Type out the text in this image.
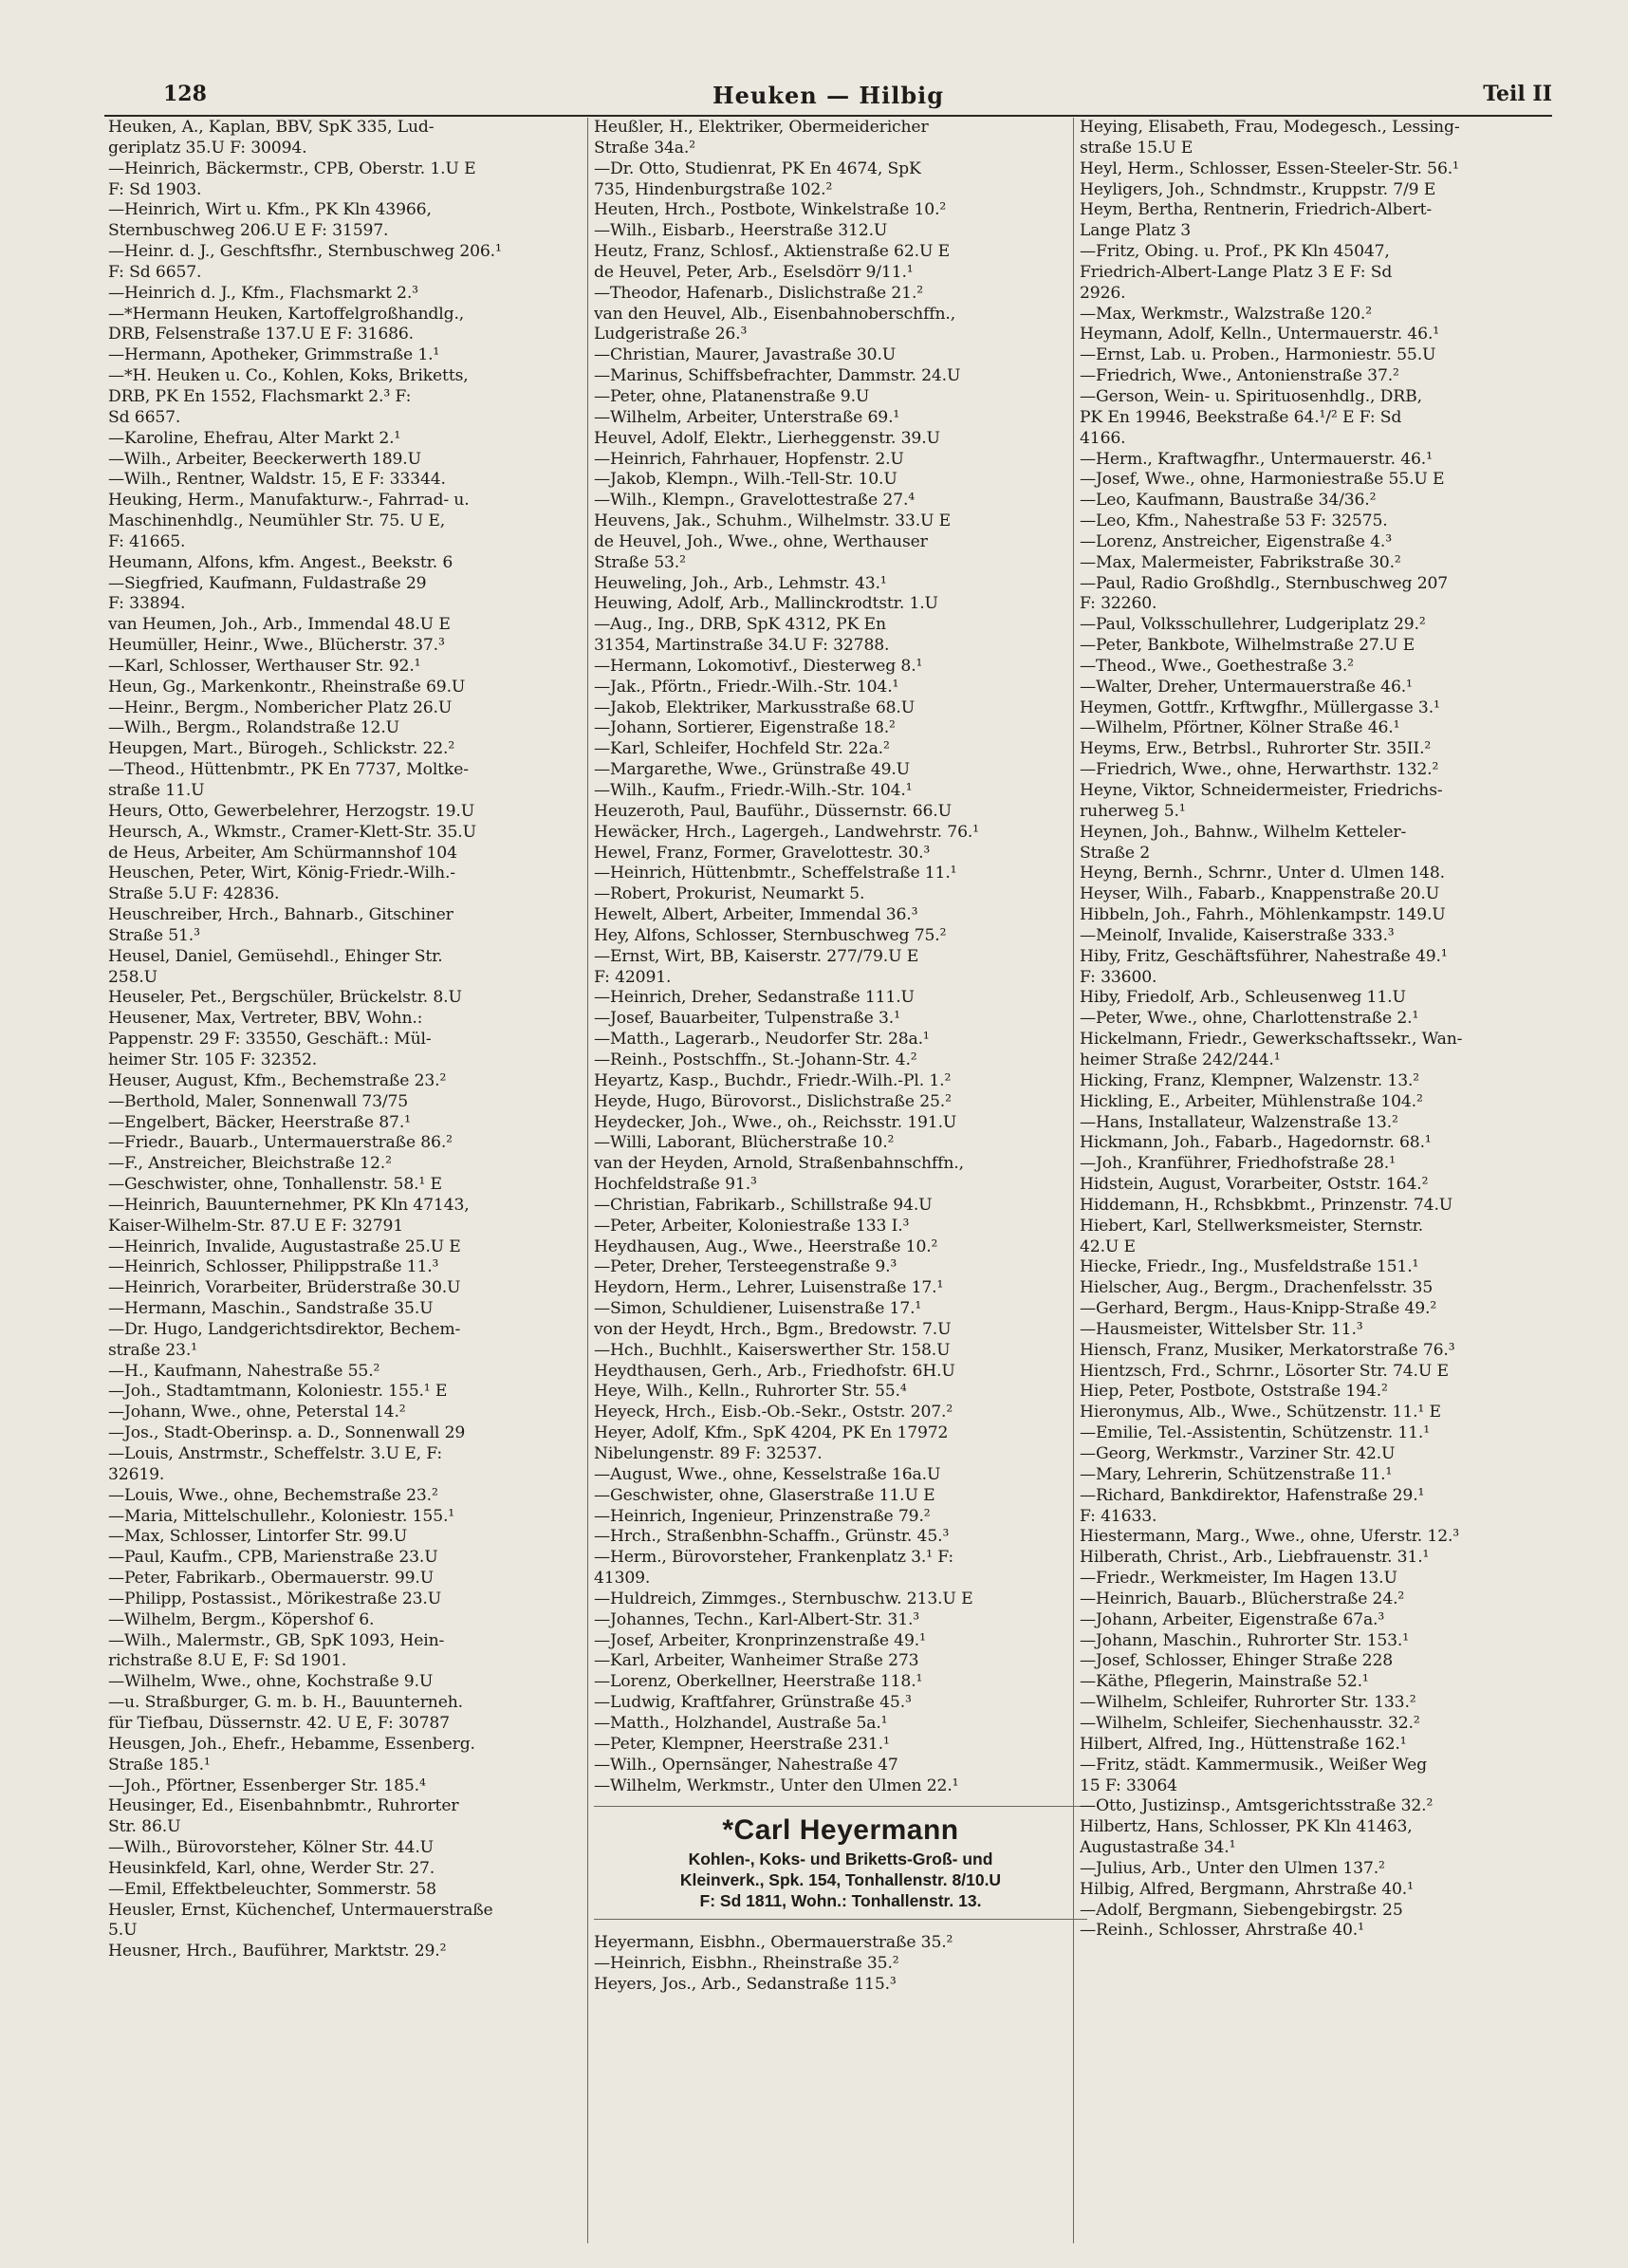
128	Heuken — Hilbig	Teil II
Heuken, A., Kaplan, BBV, SpK 335, Lud-
geriplatz 35.U F: 30094.
—Heinrich, Bäckermstr., CPB, Oberstr. 1.U E
F: Sd 1903.
—Heinrich, Wirt u. Kfm., PK Kln 43966,
Sternbuschweg 206.U E F: 31597.
—Heinr. d. J., Geschftsfhr., Sternbuschweg 206.¹
F: Sd 6657.
—Heinrich d. J., Kfm., Flachsmarkt 2.³
—*Hermann Heuken, Kartoffelgroßhandlg.,
DRB, Felsenstraße 137.U E F: 31686.
—Hermann, Apotheker, Grimmstraße 1.¹
—*H. Heuken u. Co., Kohlen, Koks, Briketts,
DRB, PK En 1552, Flachsmarkt 2.³ F:
Sd 6657.
—Karoline, Ehefrau, Alter Markt 2.¹
—Wilh., Arbeiter, Beeckerwerth 189.U
—Wilh., Rentner, Waldstr. 15, E F: 33344.
Heuking, Herm., Manufakturw.-, Fahrrad- u.
Maschinenhdlg., Neumühler Str. 75. U E,
F: 41665.
Heumann, Alfons, kfm. Angest., Beekstr. 6
—Siegfried, Kaufmann, Fuldastraße 29
F: 33894.
van Heumen, Joh., Arb., Immendal 48.U E
Heumüller, Heinr., Wwe., Blücherstr. 37.³
—Karl, Schlosser, Werthauser Str. 92.¹
Heun, Gg., Markenkontr., Rheinstraße 69.U
—Heinr., Bergm., Nombericher Platz 26.U
—Wilh., Bergm., Rolandstraße 12.U
Heupgen, Mart., Bürogeh., Schlickstr. 22.²
—Theod., Hüttenbmtr., PK En 7737, Moltke-
straße 11.U
Heurs, Otto, Gewerbelehrer, Herzogstr. 19.U
Heursch, A., Wkmstr., Cramer-Klett-Str. 35.U
de Heus, Arbeiter, Am Schürmannshof 104
Heuschen, Peter, Wirt, König-Friedr.-Wilh.-
Straße 5.U F: 42836.
Heuschreiber, Hrch., Bahnarb., Gitschiner
Straße 51.³
Heusel, Daniel, Gemüsehdl., Ehinger Str.
258.U
Heuseler, Pet., Bergschüler, Brückelstr. 8.U
Heusener, Max, Vertreter, BBV, Wohn.:
Pappenstr. 29 F: 33550, Geschäft.: Mül-
heimer Str. 105 F: 32352.
Heuser, August, Kfm., Bechemstraße 23.²
—Berthold, Maler, Sonnenwall 73/75
—Engelbert, Bäcker, Heerstraße 87.¹
—Friedr., Bauarb., Untermauerstraße 86.²
—F., Anstreicher, Bleichstraße 12.²
—Geschwister, ohne, Tonhallenstr. 58.¹ E
—Heinrich, Bauunternehmer, PK Kln 47143,
Kaiser-Wilhelm-Str. 87.U E F: 32791
—Heinrich, Invalide, Augustastraße 25.U E
—Heinrich, Schlosser, Philippstraße 11.³
—Heinrich, Vorarbeiter, Brüderstraße 30.U
—Hermann, Maschin., Sandstraße 35.U
—Dr. Hugo, Landgerichtsdirektor, Bechem-
straße 23.¹
—H., Kaufmann, Nahestraße 55.²
—Joh., Stadtamtmann, Koloniestr. 155.¹ E
—Johann, Wwe., ohne, Peterstal 14.²
—Jos., Stadt-Oberinsp. a. D., Sonnenwall 29
—Louis, Anstrmstr., Scheffelstr. 3.U E, F:
32619.
—Louis, Wwe., ohne, Bechemstraße 23.²
—Maria, Mittelschullehr., Koloniestr. 155.¹
—Max, Schlosser, Lintorfer Str. 99.U
—Paul, Kaufm., CPB, Marienstraße 23.U
—Peter, Fabrikarb., Obermauerstr. 99.U
—Philipp, Postassist., Mörikestraße 23.U
—Wilhelm, Bergm., Köpershof 6.
—Wilh., Malermstr., GB, SpK 1093, Hein-
richstraße 8.U E, F: Sd 1901.
—Wilhelm, Wwe., ohne, Kochstraße 9.U
—u. Straßburger, G. m. b. H., Bauunterneh.
für Tiefbau, Düssernstr. 42. U E, F: 30787
Heusgen, Joh., Ehefr., Hebamme, Essenberg.
Straße 185.¹
—Joh., Pförtner, Essenberger Str. 185.⁴
Heusinger, Ed., Eisenbahnbmtr., Ruhrorter
Str. 86.U
—Wilh., Bürovorsteher, Kölner Str. 44.U
Heusinkfeld, Karl, ohne, Werder Str. 27.
—Emil, Effektbeleuchter, Sommerstr. 58
Heusler, Ernst, Küchenchef, Untermauerstraße
5.U
Heusner, Hrch., Bauführer, Marktstr. 29.²
Heußler, H., Elektriker, Obermeidericher
Straße 34a.²
—Dr. Otto, Studienrat, PK En 4674, SpK
735, Hindenburgstraße 102.²
Heuten, Hrch., Postbote, Winkelstraße 10.²
—Wilh., Eisbarb., Heerstraße 312.U
Heutz, Franz, Schlosf., Aktienstraße 62.U E
de Heuvel, Peter, Arb., Eselsdörr 9/11.¹
—Theodor, Hafenarb., Dislichstraße 21.²
van den Heuvel, Alb., Eisenbahnoberschffn.,
Ludgeristraße 26.³
—Christian, Maurer, Javastraße 30.U
—Marinus, Schiffsbefrachter, Dammstr. 24.U
—Peter, ohne, Platanenstraße 9.U
—Wilhelm, Arbeiter, Unterstraße 69.¹
Heuvel, Adolf, Elektr., Lierheggenstr. 39.U
—Heinrich, Fahrhauer, Hopfenstr. 2.U
—Jakob, Klempn., Wilh.-Tell-Str. 10.U
—Wilh., Klempn., Gravelottestraße 27.⁴
Heuvens, Jak., Schuhm., Wilhelmstr. 33.U E
de Heuvel, Joh., Wwe., ohne, Werthauser
Straße 53.²
Heuweling, Joh., Arb., Lehmstr. 43.¹
Heuwing, Adolf, Arb., Mallinckrodtstr. 1.U
—Aug., Ing., DRB, SpK 4312, PK En
31354, Martinstraße 34.U F: 32788.
—Hermann, Lokomotivf., Diesterweg 8.¹
—Jak., Pförtn., Friedr.-Wilh.-Str. 104.¹
—Jakob, Elektriker, Markusstraße 68.U
—Johann, Sortierer, Eigenstraße 18.²
—Karl, Schleifer, Hochfeld Str. 22a.²
—Margarethe, Wwe., Grünstraße 49.U
—Wilh., Kaufm., Friedr.-Wilh.-Str. 104.¹
Heuzeroth, Paul, Bauführ., Düssernstr. 66.U
Hewäcker, Hrch., Lagergeh., Landwehrstr. 76.¹
Hewel, Franz, Former, Gravelottestr. 30.³
—Heinrich, Hüttenbmtr., Scheffelstraße 11.¹
—Robert, Prokurist, Neumarkt 5.
Hewelt, Albert, Arbeiter, Immendal 36.³
Hey, Alfons, Schlosser, Sternbuschweg 75.²
—Ernst, Wirt, BB, Kaiserstr. 277/79.U E
F: 42091.
—Heinrich, Dreher, Sedanstraße 111.U
—Josef, Bauarbeiter, Tulpenstraße 3.¹
—Matth., Lagerarb., Neudorfer Str. 28a.¹
—Reinh., Postschffn., St.-Johann-Str. 4.²
Heyartz, Kasp., Buchdr., Friedr.-Wilh.-Pl. 1.²
Heyde, Hugo, Bürovorst., Dislichstraße 25.²
Heydecker, Joh., Wwe., oh., Reichsstr. 191.U
—Willi, Laborant, Blücherstraße 10.²
van der Heyden, Arnold, Straßenbahnschffn.,
Hochfeldstraße 91.³
—Christian, Fabrikarb., Schillstraße 94.U
—Peter, Arbeiter, Koloniestraße 133 I.³
Heydhausen, Aug., Wwe., Heerstraße 10.²
—Peter, Dreher, Tersteegenstraße 9.³
Heydorn, Herm., Lehrer, Luisenstraße 17.¹
—Simon, Schuldiener, Luisenstraße 17.¹
von der Heydt, Hrch., Bgm., Bredowstr. 7.U
—Hch., Buchhlt., Kaiserswerther Str. 158.U
Heydthausen, Gerh., Arb., Friedhofstr. 6H.U
Heye, Wilh., Kelln., Ruhrorter Str. 55.⁴
Heyeck, Hrch., Eisb.-Ob.-Sekr., Oststr. 207.²
Heyer, Adolf, Kfm., SpK 4204, PK En 17972
Nibelungenstr. 89 F: 32537.
—August, Wwe., ohne, Kesselstraße 16a.U
—Geschwister, ohne, Glaserstraße 11.U E
—Heinrich, Ingenieur, Prinzenstraße 79.²
—Hrch., Straßenbhn-Schaffn., Grünstr. 45.³
—Herm., Bürovorsteher, Frankenplatz 3.¹ F:
41309.
—Huldreich, Zimmges., Sternbuschw. 213.U E
—Johannes, Techn., Karl-Albert-Str. 31.³
—Josef, Arbeiter, Kronprinzenstraße 49.¹
—Karl, Arbeiter, Wanheimer Straße 273
—Lorenz, Oberkellner, Heerstraße 118.¹
—Ludwig, Kraftfahrer, Grünstraße 45.³
—Matth., Holzhandel, Austraße 5a.¹
—Peter, Klempner, Heerstraße 231.¹
—Wilh., Opernsänger, Nahestraße 47
—Wilhelm, Werkmstr., Unter den Ulmen 22.¹
*Carl Heyermann
Kohlen-, Koks- und Briketts-Groß- und
Kleinverk., Spk. 154, Tonhallenstr. 8/10.U
F: Sd 1811, Wohn.: Tonhallenstr. 13.
Heyermann, Eisbhn., Obermauerstraße 35.²
—Heinrich, Eisbhn., Rheinstraße 35.²
Heyers, Jos., Arb., Sedanstraße 115.³
Heying, Elisabeth, Frau, Modegesch., Lessing-
straße 15.U E
Heyl, Herm., Schlosser, Essen-Steeler-Str. 56.¹
Heyligers, Joh., Schndmstr., Kruppstr. 7/9 E
Heym, Bertha, Rentnerin, Friedrich-Albert-
Lange Platz 3
—Fritz, Obing. u. Prof., PK Kln 45047,
Friedrich-Albert-Lange Platz 3 E F: Sd
2926.
—Max, Werkmstr., Walzstraße 120.²
Heymann, Adolf, Kelln., Untermauerstr. 46.¹
—Ernst, Lab. u. Proben., Harmoniestr. 55.U
—Friedrich, Wwe., Antonienstraße 37.²
—Gerson, Wein- u. Spirituosenhdlg., DRB,
PK En 19946, Beekstraße 64.¹/² E F: Sd
4166.
—Herm., Kraftwagfhr., Untermauerstr. 46.¹
—Josef, Wwe., ohne, Harmoniestraße 55.U E
—Leo, Kaufmann, Baustraße 34/36.²
—Leo, Kfm., Nahestraße 53 F: 32575.
—Lorenz, Anstreicher, Eigenstraße 4.³
—Max, Malermeister, Fabrikstraße 30.²
—Paul, Radio Großhdlg., Sternbuschweg 207
F: 32260.
—Paul, Volksschullehrer, Ludgeriplatz 29.²
—Peter, Bankbote, Wilhelmstraße 27.U E
—Theod., Wwe., Goethestraße 3.²
—Walter, Dreher, Untermauerstraße 46.¹
Heymen, Gottfr., Krftwgfhr., Müllergasse 3.¹
—Wilhelm, Pförtner, Kölner Straße 46.¹
Heyms, Erw., Betrbsl., Ruhrorter Str. 35II.²
—Friedrich, Wwe., ohne, Herwarthstr. 132.²
Heyne, Viktor, Schneidermeister, Friedrichs-
ruherweg 5.¹
Heynen, Joh., Bahnw., Wilhelm Ketteler-
Straße 2
Heyng, Bernh., Schrnr., Unter d. Ulmen 148.
Heyser, Wilh., Fabarb., Knappenstraße 20.U
Hibbeln, Joh., Fahrh., Möhlenkampstr. 149.U
—Meinolf, Invalide, Kaiserstraße 333.³
Hiby, Fritz, Geschäftsführer, Nahestraße 49.¹
F: 33600.
Hiby, Friedolf, Arb., Schleusenweg 11.U
—Peter, Wwe., ohne, Charlottenstraße 2.¹
Hickelmann, Friedr., Gewerkschaftssekr., Wan-
heimer Straße 242/244.¹
Hicking, Franz, Klempner, Walzenstr. 13.²
Hickling, E., Arbeiter, Mühlenstraße 104.²
—Hans, Installateur, Walzenstraße 13.²
Hickmann, Joh., Fabarb., Hagedornstr. 68.¹
—Joh., Kranführer, Friedhofstraße 28.¹
Hidstein, August, Vorarbeiter, Oststr. 164.²
Hiddemann, H., Rchsbkbmt., Prinzenstr. 74.U
Hiebert, Karl, Stellwerksmeister, Sternstr.
42.U E
Hiecke, Friedr., Ing., Musfeldstraße 151.¹
Hielscher, Aug., Bergm., Drachenfelsstr. 35
—Gerhard, Bergm., Haus-Knipp-Straße 49.²
—Hausmeister, Wittelsber Str. 11.³
Hiensch, Franz, Musiker, Merkatorstraße 76.³
Hientzsch, Frd., Schrnr., Lösorter Str. 74.U E
Hiep, Peter, Postbote, Oststraße 194.²
Hieronymus, Alb., Wwe., Schützenstr. 11.¹ E
—Emilie, Tel.-Assistentin, Schützenstr. 11.¹
—Georg, Werkmstr., Varziner Str. 42.U
—Mary, Lehrerin, Schützenstraße 11.¹
—Richard, Bankdirektor, Hafenstraße 29.¹
F: 41633.
Hiestermann, Marg., Wwe., ohne, Uferstr. 12.³
Hilberath, Christ., Arb., Liebfrauenstr. 31.¹
—Friedr., Werkmeister, Im Hagen 13.U
—Heinrich, Bauarb., Blücherstraße 24.²
—Johann, Arbeiter, Eigenstraße 67a.³
—Johann, Maschin., Ruhrorter Str. 153.¹
—Josef, Schlosser, Ehinger Straße 228
—Käthe, Pflegerin, Mainstraße 52.¹
—Wilhelm, Schleifer, Ruhrorter Str. 133.²
—Wilhelm, Schleifer, Siechenhausstr. 32.²
Hilbert, Alfred, Ing., Hüttenstraße 162.¹
—Fritz, städt. Kammermusik., Weißer Weg
15 F: 33064
—Otto, Justizinsp., Amtsgerichtsstraße 32.²
Hilbertz, Hans, Schlosser, PK Kln 41463,
Augustastraße 34.¹
—Julius, Arb., Unter den Ulmen 137.²
Hilbig, Alfred, Bergmann, Ahrstraße 40.¹
—Adolf, Bergmann, Siebengebirgstr. 25
—Reinh., Schlosser, Ahrstraße 40.¹
